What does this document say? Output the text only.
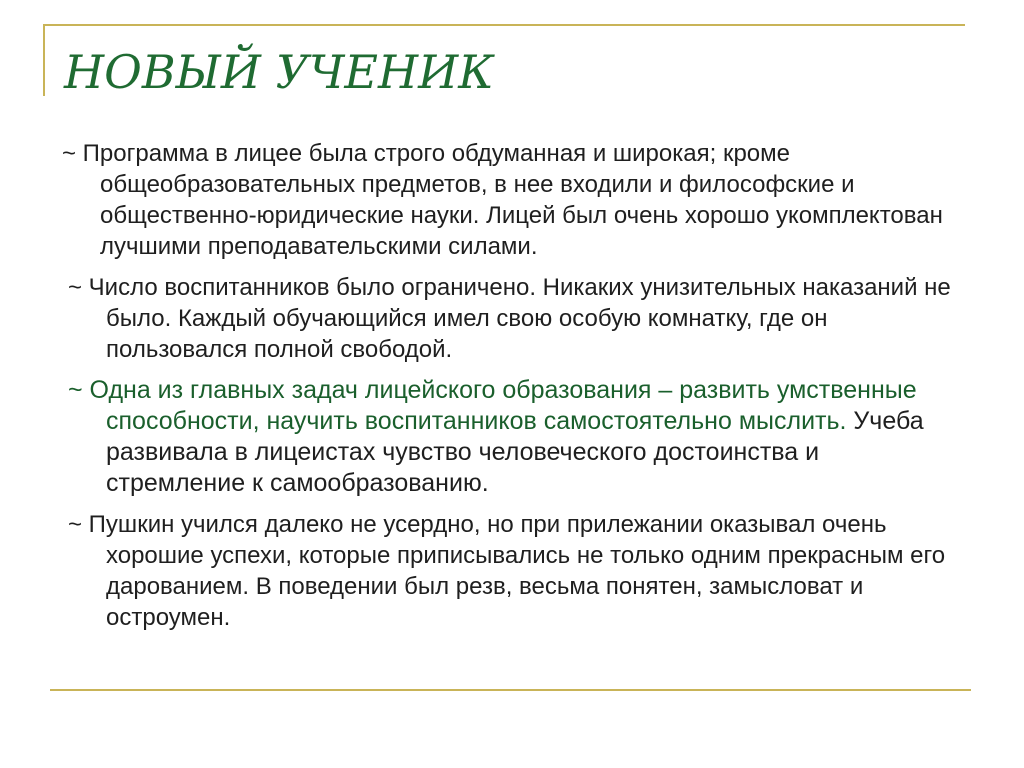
НОВЫЙ УЧЕНИК

~ Программа в лицее была строго обдуманная и широкая; кроме общеобразовательных предметов, в нее входили и философские и общественно-юридические науки. Лицей был очень хорошо укомплектован лучшими преподавательскими силами.

~ Число воспитанников было ограничено. Никаких унизительных наказаний не было. Каждый обучающийся имел свою особую комнатку, где он пользовался полной свободой.

~ Одна из главных задач лицейского образования – развить умственные способности, научить воспитанников самостоятельно мыслить. Учеба развивала в лицеистах чувство человеческого достоинства и стремление к самообразованию.

~ Пушкин учился далеко не усердно, но при прилежании оказывал очень хорошие успехи, которые приписывались не только одним прекрасным его дарованием. В поведении был резв, весьма понятен, замысловат и остроумен.
